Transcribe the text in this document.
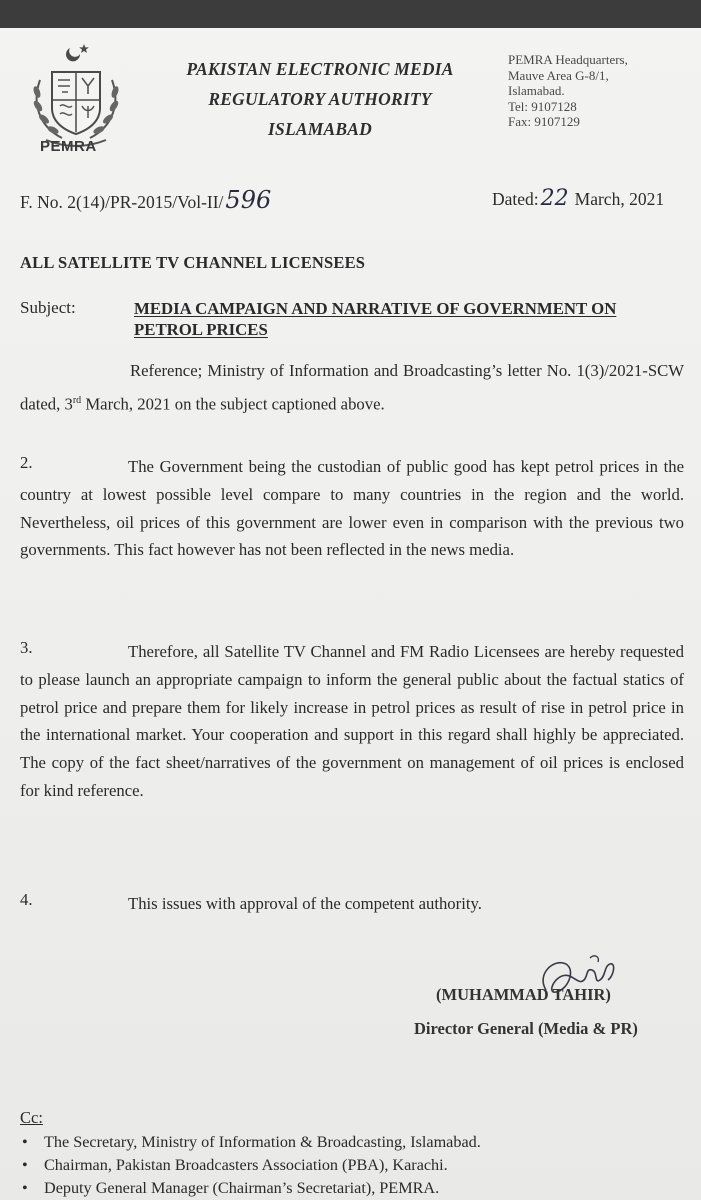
PEMRA
PAKISTAN ELECTRONIC MEDIA
REGULATORY AUTHORITY
ISLAMABAD
PEMRA Headquarters,
Mauve Area G-8/1,
Islamabad.
Tel: 9107128
Fax: 9107129
F. No. 2(14)/PR-2015/Vol-II/596	Dated:22 March, 2021
ALL SATELLITE TV CHANNEL LICENSEES
Subject:	MEDIA CAMPAIGN AND NARRATIVE OF GOVERNMENT ON PETROL PRICES

Reference; Ministry of Information and Broadcasting’s letter No. 1(3)/2021-SCW dated, 3rd March, 2021 on the subject captioned above.

2.	The Government being the custodian of public good has kept petrol prices in the country at lowest possible level compare to many countries in the region and the world. Nevertheless, oil prices of this government are lower even in comparison with the previous two governments. This fact however has not been reflected in the news media.

3.	Therefore, all Satellite TV Channel and FM Radio Licensees are hereby requested to please launch an appropriate campaign to inform the general public about the factual statics of petrol price and prepare them for likely increase in petrol prices as result of rise in petrol price in the international market. Your cooperation and support in this regard shall highly be appreciated. The copy of the fact sheet/narratives of the government on management of oil prices is enclosed for kind reference.

4.	This issues with approval of the competent authority.

(MUHAMMAD TAHIR)
Director General (Media & PR)
Cc:
• The Secretary, Ministry of Information & Broadcasting, Islamabad.
• Chairman, Pakistan Broadcasters Association (PBA), Karachi.
• Deputy General Manager (Chairman’s Secretariat), PEMRA.
